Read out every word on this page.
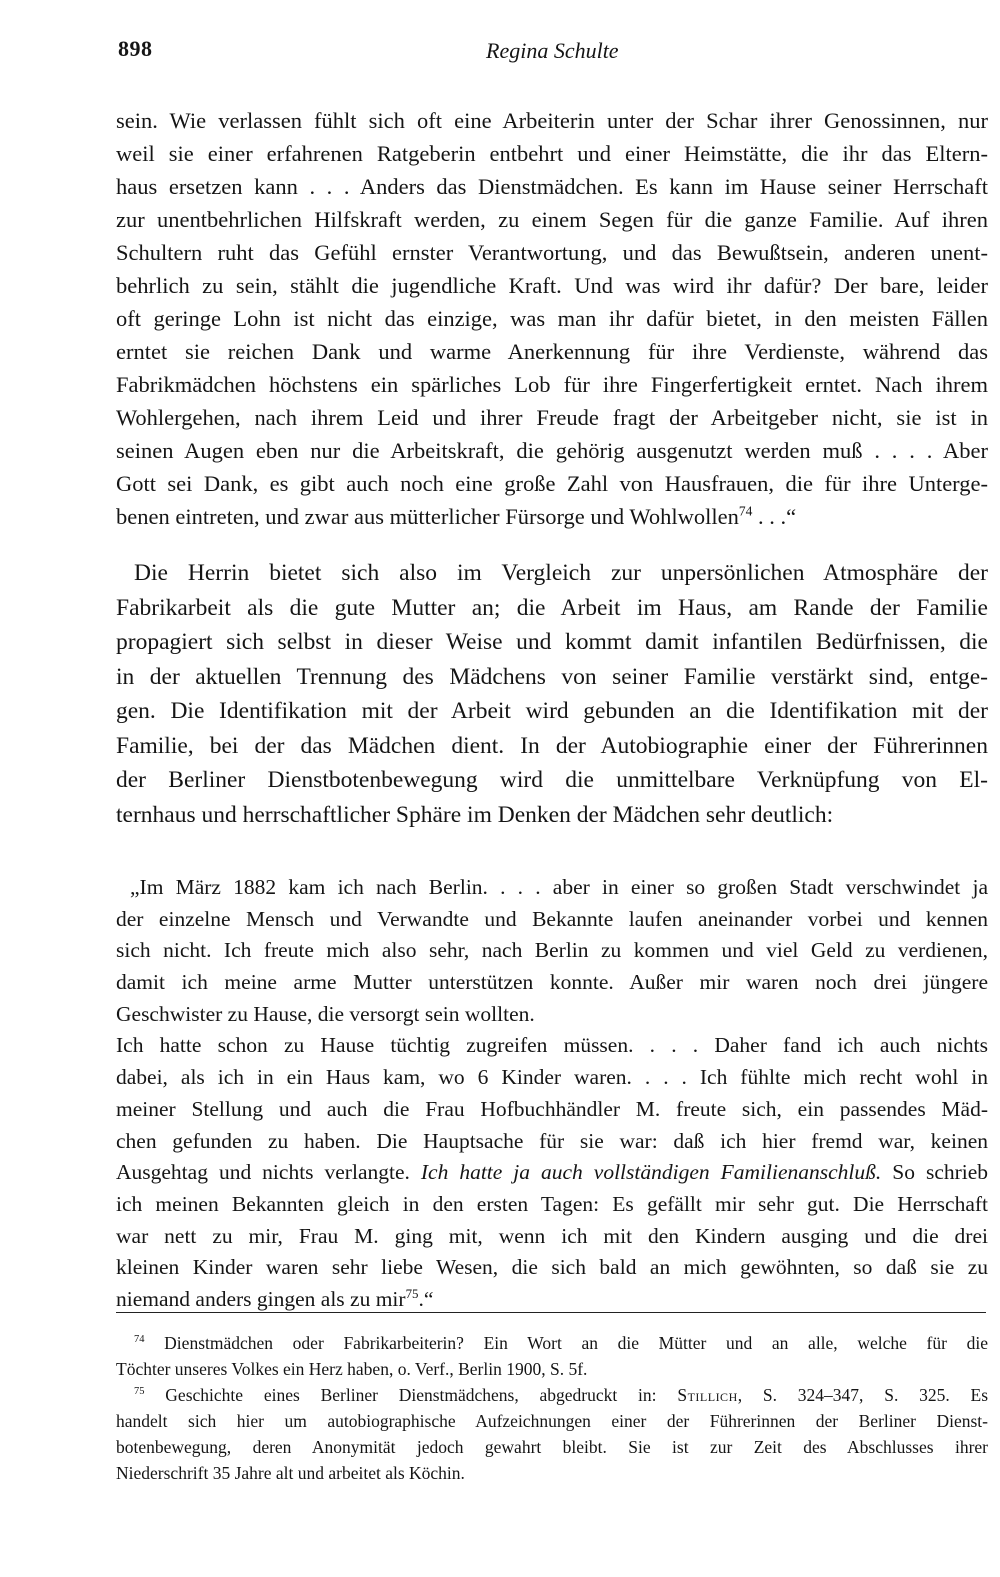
898	Regina Schulte
sein. Wie verlassen fühlt sich oft eine Arbeiterin unter der Schar ihrer Genossinnen, nur
weil sie einer erfahrenen Ratgeberin entbehrt und einer Heimstätte, die ihr das Eltern-
haus ersetzen kann . . . Anders das Dienstmädchen. Es kann im Hause seiner Herrschaft
zur unentbehrlichen Hilfskraft werden, zu einem Segen für die ganze Familie. Auf ihren
Schultern ruht das Gefühl ernster Verantwortung, und das Bewußtsein, anderen unent-
behrlich zu sein, stählt die jugendliche Kraft. Und was wird ihr dafür? Der bare, leider
oft geringe Lohn ist nicht das einzige, was man ihr dafür bietet, in den meisten Fällen
erntet sie reichen Dank und warme Anerkennung für ihre Verdienste, während das
Fabrikmädchen höchstens ein spärliches Lob für ihre Fingerfertigkeit erntet. Nach ihrem
Wohlergehen, nach ihrem Leid und ihrer Freude fragt der Arbeitgeber nicht, sie ist in
seinen Augen eben nur die Arbeitskraft, die gehörig ausgenutzt werden muß . . . . Aber
Gott sei Dank, es gibt auch noch eine große Zahl von Hausfrauen, die für ihre Unterge-
benen eintreten, und zwar aus mütterlicher Fürsorge und Wohlwollen$^{74}$ . . .“
Die Herrin bietet sich also im Vergleich zur unpersönlichen Atmosphäre der
Fabrikarbeit als die gute Mutter an; die Arbeit im Haus, am Rande der Familie
propagiert sich selbst in dieser Weise und kommt damit infantilen Bedürfnissen, die
in der aktuellen Trennung des Mädchens von seiner Familie verstärkt sind, entge-
gen. Die Identifikation mit der Arbeit wird gebunden an die Identifikation mit der
Familie, bei der das Mädchen dient. In der Autobiographie einer der Führerinnen
der Berliner Dienstbotenbewegung wird die unmittelbare Verknüpfung von El-
ternhaus und herrschaftlicher Sphäre im Denken der Mädchen sehr deutlich:
„Im März 1882 kam ich nach Berlin. . . . aber in einer so großen Stadt verschwindet ja
der einzelne Mensch und Verwandte und Bekannte laufen aneinander vorbei und kennen
sich nicht. Ich freute mich also sehr, nach Berlin zu kommen und viel Geld zu verdienen,
damit ich meine arme Mutter unterstützen konnte. Außer mir waren noch drei jüngere
Geschwister zu Hause, die versorgt sein wollten.
Ich hatte schon zu Hause tüchtig zugreifen müssen. . . . Daher fand ich auch nichts
dabei, als ich in ein Haus kam, wo 6 Kinder waren. . . . Ich fühlte mich recht wohl in
meiner Stellung und auch die Frau Hofbuchhändler M. freute sich, ein passendes Mäd-
chen gefunden zu haben. Die Hauptsache für sie war: daß ich hier fremd war, keinen
Ausgehtag und nichts verlangte. Ich hatte ja auch vollständigen Familienanschluß. So schrieb
ich meinen Bekannten gleich in den ersten Tagen: Es gefällt mir sehr gut. Die Herrschaft
war nett zu mir, Frau M. ging mit, wenn ich mit den Kindern ausging und die drei
kleinen Kinder waren sehr liebe Wesen, die sich bald an mich gewöhnten, so daß sie zu
niemand anders gingen als zu mir$^{75}$.“
$^{74}$ Dienstmädchen oder Fabrikarbeiterin? Ein Wort an die Mütter und an alle, welche für die
Töchter unseres Volkes ein Herz haben, o. Verf., Berlin 1900, S. 5f.
$^{75}$ Geschichte eines Berliner Dienstmädchens, abgedruckt in: Stillich, S. 324–347, S. 325. Es
handelt sich hier um autobiographische Aufzeichnungen einer der Führerinnen der Berliner Dienst-
botenbewegung, deren Anonymität jedoch gewahrt bleibt. Sie ist zur Zeit des Abschlusses ihrer
Niederschrift 35 Jahre alt und arbeitet als Köchin.
